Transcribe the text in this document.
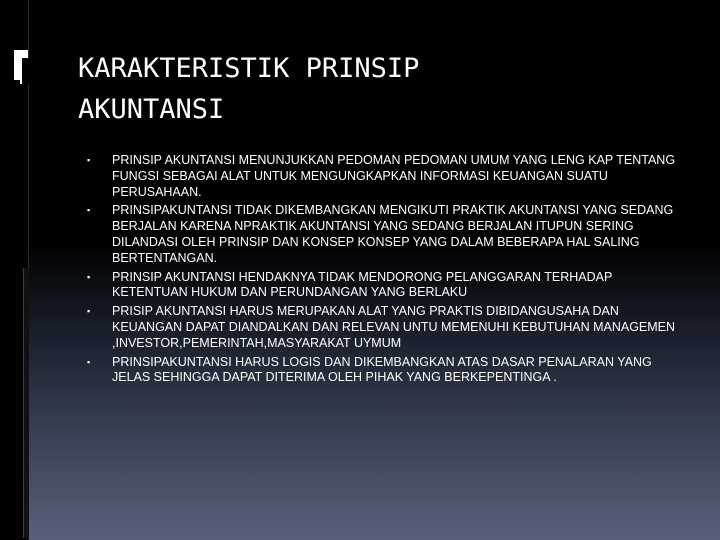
KARAKTERISTIK PRINSIP
AKUNTANSI
▪ PRINSIP AKUNTANSI MENUNJUKKAN PEDOMAN PEDOMAN UMUM YANG LENG KAP TENTANG FUNGSI SEBAGAI ALAT UNTUK MENGUNGKAPKAN INFORMASI KEUANGAN SUATU PERUSAHAAN.
▪ PRINSIPAKUNTANSI TIDAK DIKEMBANGKAN MENGIKUTI PRAKTIK AKUNTANSI YANG SEDANG BERJALAN KARENA NPRAKTIK AKUNTANSI YANG SEDANG BERJALAN ITUPUN SERING DILANDASI OLEH PRINSIP DAN KONSEP KONSEP YANG DALAM BEBERAPA HAL SALING BERTENTANGAN.
▪ PRINSIP AKUNTANSI HENDAKNYA TIDAK MENDORONG PELANGGARAN TERHADAP KETENTUAN HUKUM DAN PERUNDANGAN YANG BERLAKU
▪ PRISIP AKUNTANSI HARUS MERUPAKAN ALAT YANG PRAKTIS DIBIDANGUSAHA DAN KEUANGAN DAPAT DIANDALKAN DAN RELEVAN UNTU MEMENUHI KEBUTUHAN MANAGEMEN ,INVESTOR,PEMERINTAH,MASYARAKAT UYMUM
▪ PRINSIPAKUNTANSI HARUS LOGIS DAN DIKEMBANGKAN ATAS DASAR PENALARAN YANG JELAS SEHINGGA DAPAT DITERIMA OLEH PIHAK YANG BERKEPENTINGA .
